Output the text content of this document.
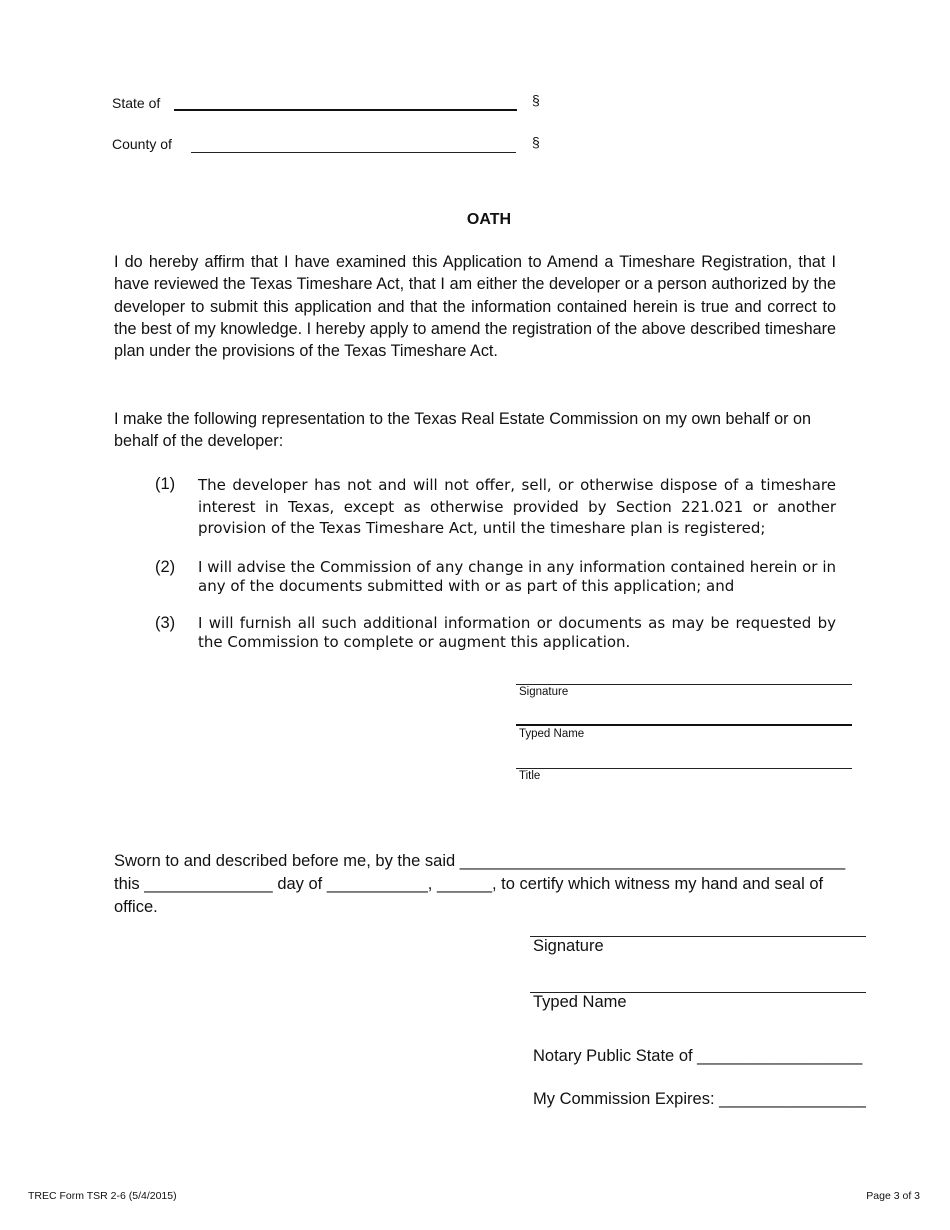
State of	§
County of	§
OATH
I do hereby affirm that I have examined this Application to Amend a Timeshare Registration, that I have reviewed the Texas Timeshare Act, that I am either the developer or a person authorized by the developer to submit this application and that the information contained herein is true and correct to the best of my knowledge. I hereby apply to amend the registration of the above described timeshare plan under the provisions of the Texas Timeshare Act.
I make the following representation to the Texas Real Estate Commission on my own behalf or on behalf of the developer:
(1) The developer has not and will not offer, sell, or otherwise dispose of a timeshare interest in Texas, except as otherwise provided by Section 221.021 or another provision of the Texas Timeshare Act, until the timeshare plan is registered;
(2) I will advise the Commission of any change in any information contained herein or in any of the documents submitted with or as part of this application; and
(3) I will furnish all such additional information or documents as may be requested by the Commission to complete or augment this application.
Signature
Typed Name
Title
Sworn to and described before me, by the said __________________________________________
this ______________ day of ___________, ______, to certify which witness my hand and seal of
office.
Signature
Typed Name
Notary Public State of __________________
My Commission Expires: ________________
TREC Form TSR 2-6 (5/4/2015)	Page 3 of 3
